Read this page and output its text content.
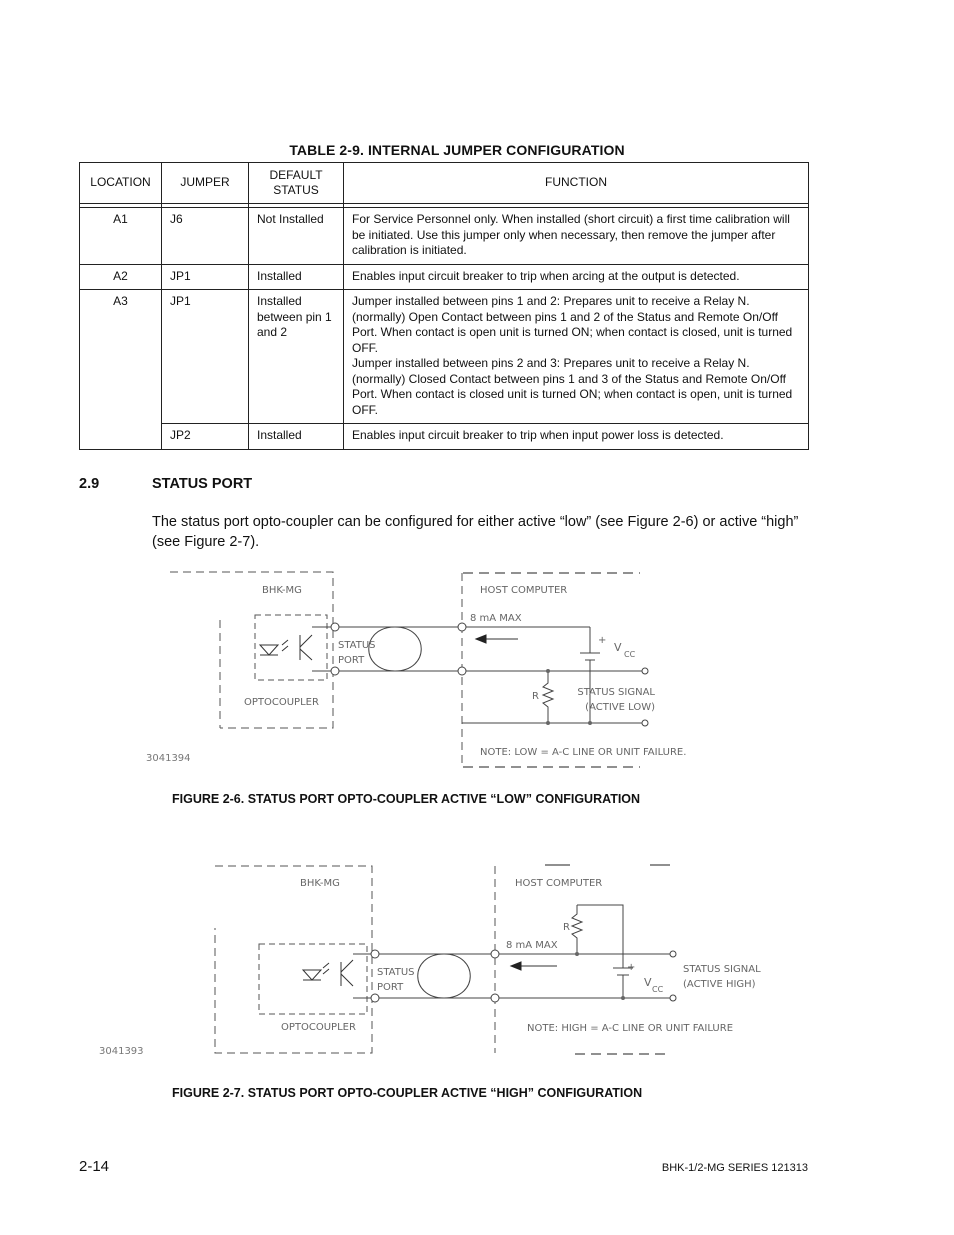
TABLE 2-9. INTERNAL JUMPER CONFIGURATION
LOCATION	JUMPER	DEFAULT STATUS	FUNCTION

A1	J6	Not Installed	For Service Personnel only. When installed (short circuit) a first time calibration will be initiated. Use this jumper only when necessary, then remove the jumper after calibration is initiated.
A2	JP1	Installed	Enables input circuit breaker to trip when arcing at the output is detected.
A3	JP1	Installed between pin 1 and 2	Jumper installed between pins 1 and 2: Prepares unit to receive a Relay N. (normally) Open Contact between pins 1 and 2 of the Status and Remote On/Off Port. When contact is open unit is turned ON; when contact is closed, unit is turned OFF.
Jumper installed between pins 2 and 3: Prepares unit to receive a Relay N. (normally) Closed Contact between pins 1 and 3 of the Status and Remote On/Off Port. When contact is closed unit is turned ON; when contact is open, unit is turned OFF.

	JP2	Installed	Enables input circuit breaker to trip when input power loss is detected.
2.9	STATUS PORT
The status port opto-coupler can be configured for either active “low” (see Figure 2-6) or active “high” (see Figure 2-7).
BHK-MG	HOST COMPUTER
8 mA MAX
STATUS
PORT
OPTOCOUPLER
R
+
V
CC
STATUS SIGNAL
(ACTIVE LOW)
NOTE: LOW = A-C LINE OR UNIT FAILURE.
3041394
FIGURE 2-6. STATUS PORT OPTO-COUPLER ACTIVE “LOW” CONFIGURATION
BHK-MG	HOST COMPUTER
8 mA MAX
STATUS
PORT
OPTOCOUPLER
R
+
V
CC
STATUS SIGNAL
(ACTIVE HIGH)
NOTE: HIGH = A-C LINE OR UNIT FAILURE
3041393
FIGURE 2-7. STATUS PORT OPTO-COUPLER ACTIVE “HIGH” CONFIGURATION
2-14	BHK-1/2-MG SERIES 121313
